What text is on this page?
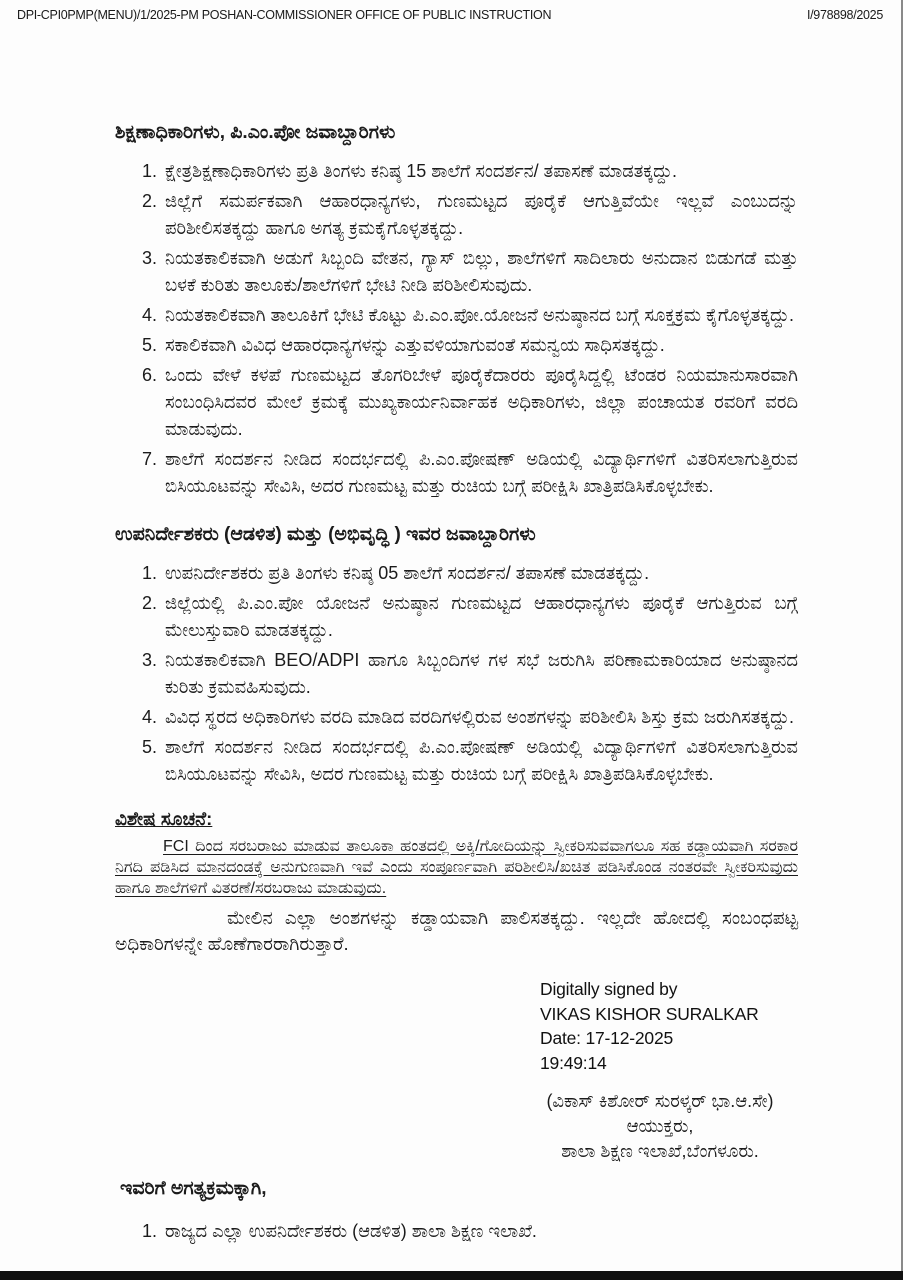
DPI-CPI0PMP(MENU)/1/2025-PM POSHAN-COMMISSIONER OFFICE OF PUBLIC INSTRUCTION	I/978898/2025
ಶಿಕ್ಷಣಾಧಿಕಾರಿಗಳು, ಪಿ.ಎಂ.ಪೋ ಜವಾಬ್ದಾರಿಗಳು
1. ಕ್ಷೇತ್ರಶಿಕ್ಷಣಾಧಿಕಾರಿಗಳು ಪ್ರತಿ ತಿಂಗಳು ಕನಿಷ್ಠ 15 ಶಾಲೆಗೆ ಸಂದರ್ಶನ/ ತಪಾಸಣೆ ಮಾಡತಕ್ಕದ್ದು.
2. ಜಿಲ್ಲೆಗೆ ಸಮರ್ಪಕವಾಗಿ ಆಹಾರಧಾನ್ಯಗಳು, ಗುಣಮಟ್ಟದ ಪೂರೈಕೆ ಆಗುತ್ತಿವೆಯೇ ಇಲ್ಲವೆ ಎಂಬುದನ್ನು ಪರಿಶೀಲಿಸತಕ್ಕದ್ದು ಹಾಗೂ ಅಗತ್ಯ ಕ್ರಮಕೈಗೊಳ್ಳತಕ್ಕದ್ದು.
3. ನಿಯತಕಾಲಿಕವಾಗಿ ಅಡುಗೆ ಸಿಬ್ಬಂದಿ ವೇತನ, ಗ್ಯಾಸ್ ಬಿಲ್ಲು, ಶಾಲೆಗಳಿಗೆ ಸಾದಿಲಾರು ಅನುದಾನ ಬಿಡುಗಡೆ ಮತ್ತು ಬಳಕೆ ಕುರಿತು ತಾಲೂಕು/ಶಾಲೆಗಳಿಗೆ ಭೇಟಿ ನೀಡಿ ಪರಿಶೀಲಿಸುವುದು.
4. ನಿಯತಕಾಲಿಕವಾಗಿ ತಾಲೂಕಿಗೆ ಭೇಟಿ ಕೊಟ್ಟು ಪಿ.ಎಂ.ಪೋ.ಯೋಜನೆ ಅನುಷ್ಠಾನದ ಬಗ್ಗೆ ಸೂಕ್ತಕ್ರಮ ಕೈಗೊಳ್ಳತಕ್ಕದ್ದು.
5. ಸಕಾಲಿಕವಾಗಿ ವಿವಿಧ ಆಹಾರಧಾನ್ಯಗಳನ್ನು ಎತ್ತುವಳಿಯಾಗುವಂತೆ ಸಮನ್ವಯ ಸಾಧಿಸತಕ್ಕದ್ದು.
6. ಒಂದು ವೇಳೆ ಕಳಪೆ ಗುಣಮಟ್ಟದ ತೊಗರಿಬೇಳೆ ಪೂರೈಕೆದಾರರು ಪೂರೈಸಿದ್ದಲ್ಲಿ ಟೆಂಡರ ನಿಯಮಾನುಸಾರವಾಗಿ ಸಂಬಂಧಿಸಿದವರ ಮೇಲೆ ಕ್ರಮಕ್ಕೆ ಮುಖ್ಯಕಾರ್ಯನಿರ್ವಾಹಕ ಅಧಿಕಾರಿಗಳು, ಜಿಲ್ಲಾ ಪಂಚಾಯತ ರವರಿಗೆ ವರದಿ ಮಾಡುವುದು.
7. ಶಾಲೆಗೆ ಸಂದರ್ಶನ ನೀಡಿದ ಸಂದರ್ಭದಲ್ಲಿ ಪಿ.ಎಂ.ಪೋಷಣ್ ಅಡಿಯಲ್ಲಿ ವಿದ್ಯಾರ್ಥಿಗಳಿಗೆ ವಿತರಿಸಲಾಗುತ್ತಿರುವ ಬಿಸಿಯೂಟವನ್ನು ಸೇವಿಸಿ, ಅದರ ಗುಣಮಟ್ಟ ಮತ್ತು ರುಚಿಯ ಬಗ್ಗೆ ಪರೀಕ್ಷಿಸಿ ಖಾತ್ರಿಪಡಿಸಿಕೊಳ್ಳಬೇಕು.
ಉಪನಿರ್ದೇಶಕರು (ಆಡಳಿತ) ಮತ್ತು (ಅಭಿವೃದ್ಧಿ ) ಇವರ ಜವಾಬ್ದಾರಿಗಳು
1. ಉಪನಿರ್ದೇಶಕರು ಪ್ರತಿ ತಿಂಗಳು ಕನಿಷ್ಠ 05 ಶಾಲೆಗೆ ಸಂದರ್ಶನ/ ತಪಾಸಣೆ ಮಾಡತಕ್ಕದ್ದು.
2. ಜಿಲ್ಲೆಯಲ್ಲಿ ಪಿ.ಎಂ.ಪೋ ಯೋಜನೆ ಅನುಷ್ಠಾನ ಗುಣಮಟ್ಟದ ಆಹಾರಧಾನ್ಯಗಳು ಪೂರೈಕೆ ಆಗುತ್ತಿರುವ ಬಗ್ಗೆ ಮೇಲುಸ್ತುವಾರಿ ಮಾಡತಕ್ಕದ್ದು.
3. ನಿಯತಕಾಲಿಕವಾಗಿ BEO/ADPI ಹಾಗೂ ಸಿಬ್ಬಂದಿಗಳ ಗಳ ಸಭೆ ಜರುಗಿಸಿ ಪರಿಣಾಮಕಾರಿಯಾದ ಅನುಷ್ಠಾನದ ಕುರಿತು ಕ್ರಮವಹಿಸುವುದು.
4. ವಿವಿಧ ಸ್ಥರದ ಅಧಿಕಾರಿಗಳು ವರದಿ ಮಾಡಿದ ವರದಿಗಳಲ್ಲಿರುವ ಅಂಶಗಳನ್ನು ಪರಿಶೀಲಿಸಿ ಶಿಸ್ತು ಕ್ರಮ ಜರುಗಿಸತಕ್ಕದ್ದು.
5. ಶಾಲೆಗೆ ಸಂದರ್ಶನ ನೀಡಿದ ಸಂದರ್ಭದಲ್ಲಿ ಪಿ.ಎಂ.ಪೋಷಣ್ ಅಡಿಯಲ್ಲಿ ವಿದ್ಯಾರ್ಥಿಗಳಿಗೆ ವಿತರಿಸಲಾಗುತ್ತಿರುವ ಬಿಸಿಯೂಟವನ್ನು ಸೇವಿಸಿ, ಅದರ ಗುಣಮಟ್ಟ ಮತ್ತು ರುಚಿಯ ಬಗ್ಗೆ ಪರೀಕ್ಷಿಸಿ ಖಾತ್ರಿಪಡಿಸಿಕೊಳ್ಳಬೇಕು.
ವಿಶೇಷ ಸೂಚನೆ:

FCI ದಿಂದ ಸರಬರಾಜು ಮಾಡುವ ತಾಲೂಕಾ ಹಂತದಲ್ಲಿ ಅಕ್ಕಿ/ಗೋದಿಯನ್ನು ಸ್ವೀಕರಿಸುವವಾಗಲೂ ಸಹ ಕಡ್ಡಾಯವಾಗಿ ಸರಕಾರ ನಿಗದಿ ಪಡಿಸಿದ ಮಾನದಂಡಕ್ಕೆ ಅನುಗುಣವಾಗಿ ಇವೆ ಎಂದು ಸಂಪೂರ್ಣವಾಗಿ ಪರಿಶೀಲಿಸಿ/ಖಚಿತ ಪಡಿಸಿಕೊಂಡ ನಂತರವೇ ಸ್ವೀಕರಿಸುವುದು ಹಾಗೂ ಶಾಲೆಗಳಿಗೆ ವಿತರಣೆ/ಸರಬರಾಜು ಮಾಡುವುದು.

ಮೇಲಿನ ಎಲ್ಲಾ ಅಂಶಗಳನ್ನು ಕಡ್ಡಾಯವಾಗಿ ಪಾಲಿಸತಕ್ಕದ್ದು. ಇಲ್ಲದೇ ಹೋದಲ್ಲಿ ಸಂಬಂಧಪಟ್ಟ ಅಧಿಕಾರಿಗಳನ್ನೇ ಹೊಣೆಗಾರರಾಗಿರುತ್ತಾರೆ.

Digitally signed by
VIKAS KISHOR SURALKAR
Date: 17-12-2025
19:49:14
(ವಿಕಾಸ್ ಕಿಶೋರ್ ಸುರಳ್ಕರ್ ಭಾ.ಆ.ಸೇ)
ಆಯುಕ್ತರು,
ಶಾಲಾ ಶಿಕ್ಷಣ ಇಲಾಖೆ,ಬೆಂಗಳೂರು.
ಇವರಿಗೆ ಅಗತ್ಯಕ್ರಮಕ್ಕಾಗಿ,
1. ರಾಜ್ಯದ ಎಲ್ಲಾ ಉಪನಿರ್ದೇಶಕರು (ಆಡಳಿತ) ಶಾಲಾ ಶಿಕ್ಷಣ ಇಲಾಖೆ.
